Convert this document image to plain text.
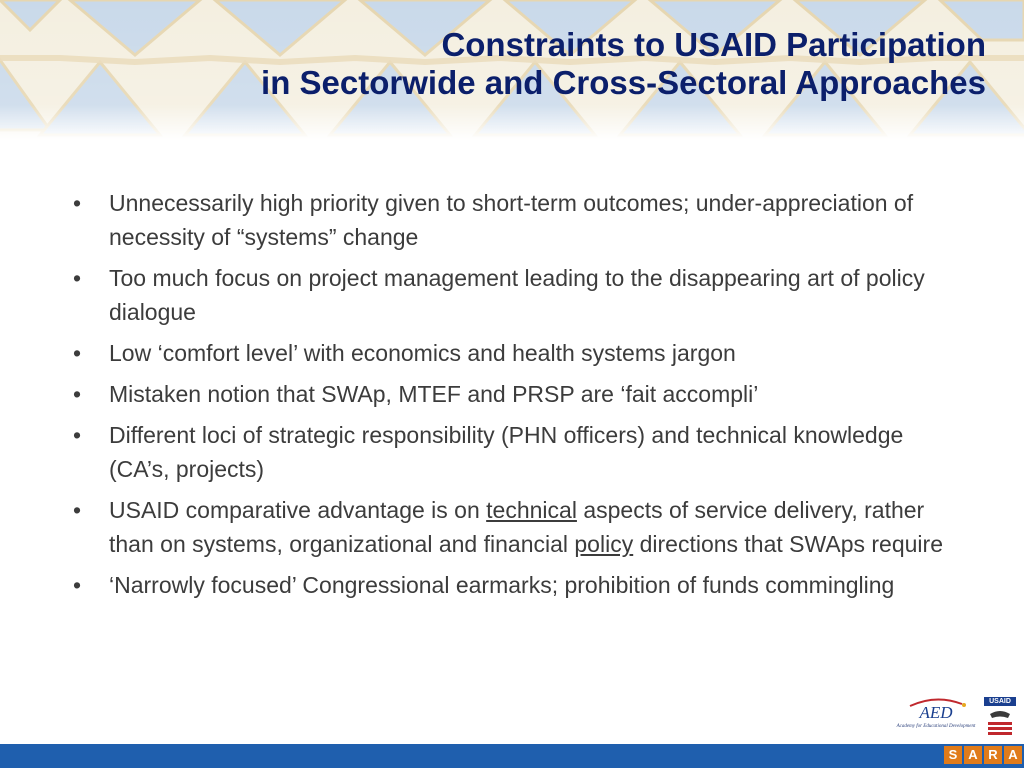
Constraints to USAID Participation
in Sectorwide and Cross-Sectoral Approaches
• Unnecessarily high priority given to short-term outcomes; under-appreciation of necessity of “systems” change
• Too much focus on project management leading to the disappearing art of policy dialogue
• Low ‘comfort level’ with economics and health systems jargon
• Mistaken notion that SWAp, MTEF and PRSP are ‘fait accompli’
• Different loci of strategic responsibility (PHN officers) and technical knowledge (CA’s, projects)
• USAID comparative advantage is on technical aspects of service delivery, rather than on systems, organizational and financial policy directions that SWAps require
• ‘Narrowly focused’ Congressional earmarks; prohibition of funds commingling
AED
Academy for Educational Development
USAID
S A R A
